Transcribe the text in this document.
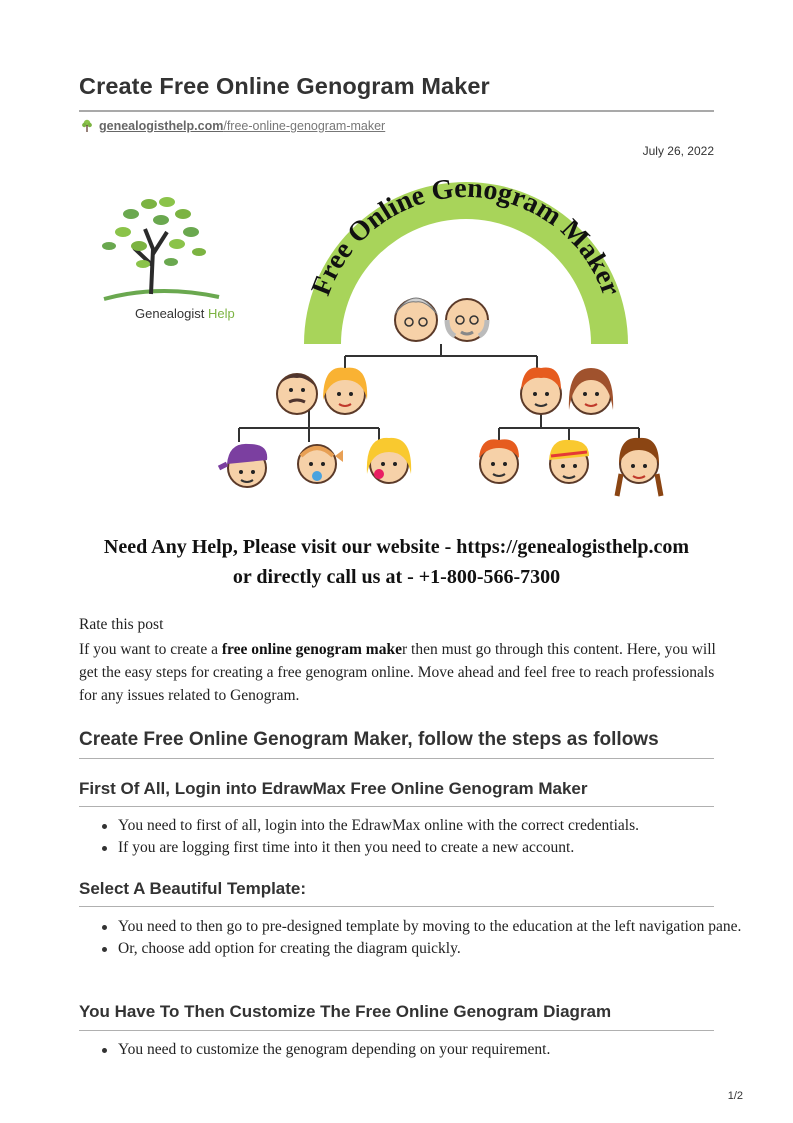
Create Free Online Genogram Maker
genealogisthelp.com /free-online-genogram-maker
July 26, 2022
Free Online Genogram Maker
Genealogist Help
Need Any Help, Please visit our website - https://genealogisthelp.com
or directly call us at - +1-800-566-7300
Rate this post

If you want to create a free online genogram maker then must go through this content. Here, you will get the easy steps for creating a free genogram online. Move ahead and feel free to reach professionals for any issues related to Genogram.

Create Free Online Genogram Maker, follow the steps as follows
First Of All, Login into EdrawMax Free Online Genogram Maker
You need to first of all, login into the EdrawMax online with the correct credentials.
If you are logging first time into it then you need to create a new account.
Select A Beautiful Template:
You need to then go to pre-designed template by moving to the education at the left navigation pane.
Or, choose add option for creating the diagram quickly.
You Have To Then Customize The Free Online Genogram Diagram
You need to customize the genogram depending on your requirement.
1/2
